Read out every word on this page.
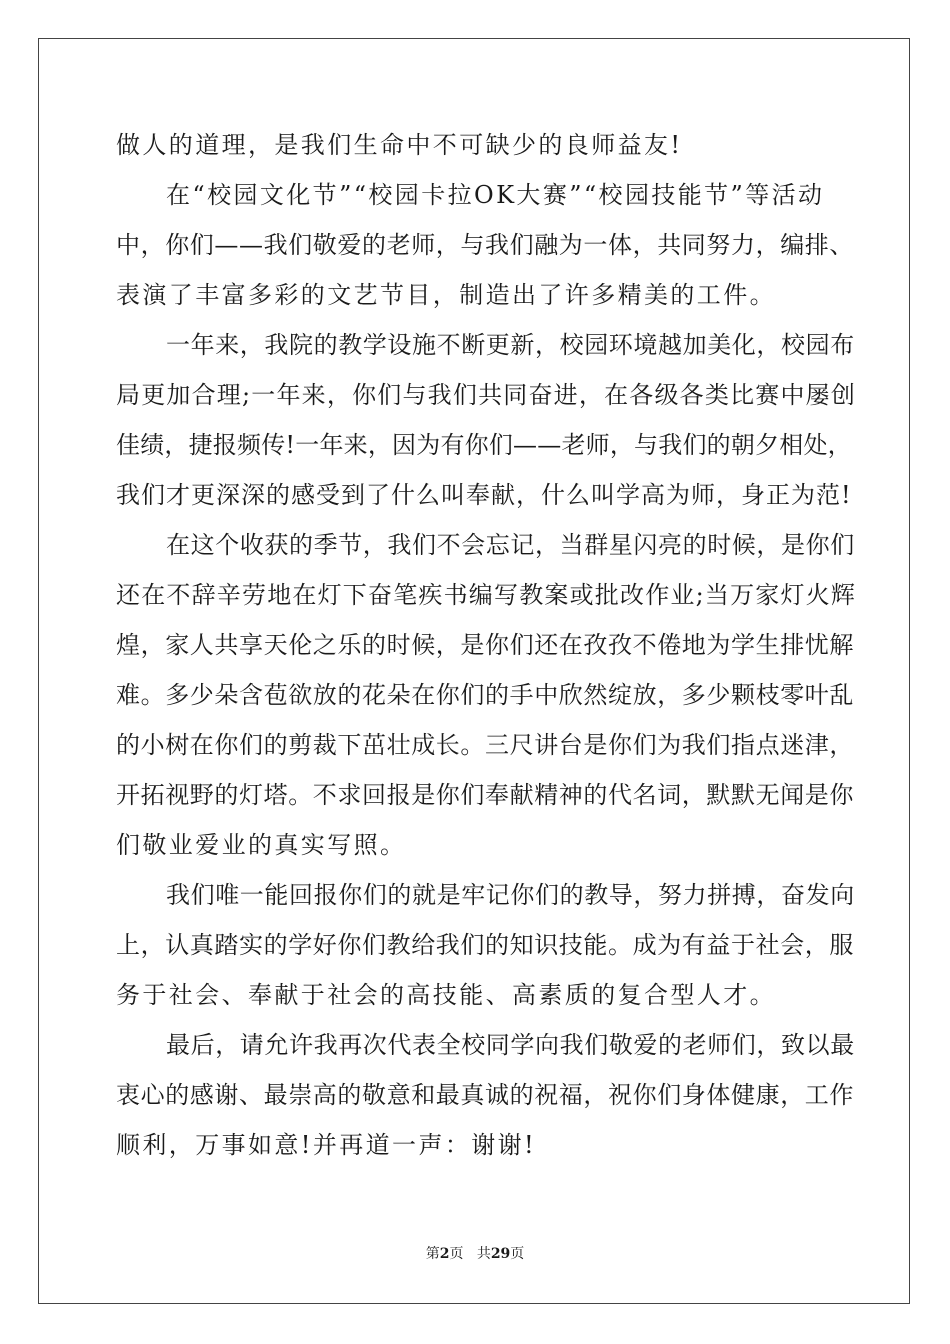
做人的道理，是我们生命中不可缺少的良师益友!
在“校园文化节”“校园卡拉OK大赛”“校园技能节”等活动
中，你们——我们敬爱的老师，与我们融为一体，共同努力，编排、
表演了丰富多彩的文艺节目，制造出了许多精美的工件。
一年来，我院的教学设施不断更新，校园环境越加美化，校园布
局更加合理;一年来，你们与我们共同奋进，在各级各类比赛中屡创
佳绩，捷报频传!一年来，因为有你们——老师，与我们的朝夕相处，
我们才更深深的感受到了什么叫奉献，什么叫学高为师，身正为范!
在这个收获的季节，我们不会忘记，当群星闪亮的时候，是你们
还在不辞辛劳地在灯下奋笔疾书编写教案或批改作业;当万家灯火辉
煌，家人共享天伦之乐的时候，是你们还在孜孜不倦地为学生排忧解
难。多少朵含苞欲放的花朵在你们的手中欣然绽放，多少颗枝零叶乱
的小树在你们的剪裁下茁壮成长。三尺讲台是你们为我们指点迷津，
开拓视野的灯塔。不求回报是你们奉献精神的代名词，默默无闻是你
们敬业爱业的真实写照。
我们唯一能回报你们的就是牢记你们的教导，努力拼搏，奋发向
上，认真踏实的学好你们教给我们的知识技能。成为有益于社会，服
务于社会、奉献于社会的高技能、高素质的复合型人才。
最后，请允许我再次代表全校同学向我们敬爱的老师们，致以最
衷心的感谢、最崇高的敬意和最真诚的祝福，祝你们身体健康，工作
顺利，万事如意!并再道一声：谢谢!
第2页 共29页
